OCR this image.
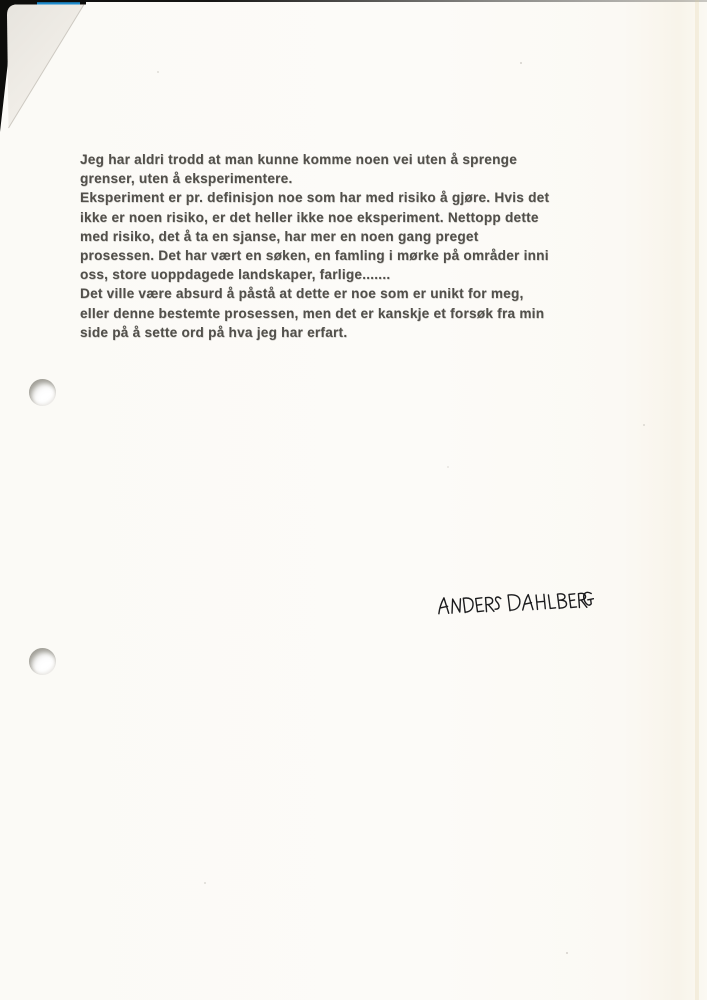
Jeg har aldri trodd at man kunne komme noen vei uten å sprenge
grenser, uten å eksperimentere.
Eksperiment er pr. definisjon noe som har med risiko å gjøre. Hvis det
ikke er noen risiko, er det heller ikke noe eksperiment. Nettopp dette
med risiko, det å ta en sjanse, har mer en noen gang preget
prosessen. Det har vært en søken, en famling i mørke på områder inni
oss, store uoppdagede landskaper, farlige.......
Det ville være absurd å påstå at dette er noe som er unikt for meg,
eller denne bestemte prosessen, men det er kanskje et forsøk fra min
side på å sette ord på hva jeg har erfart.
